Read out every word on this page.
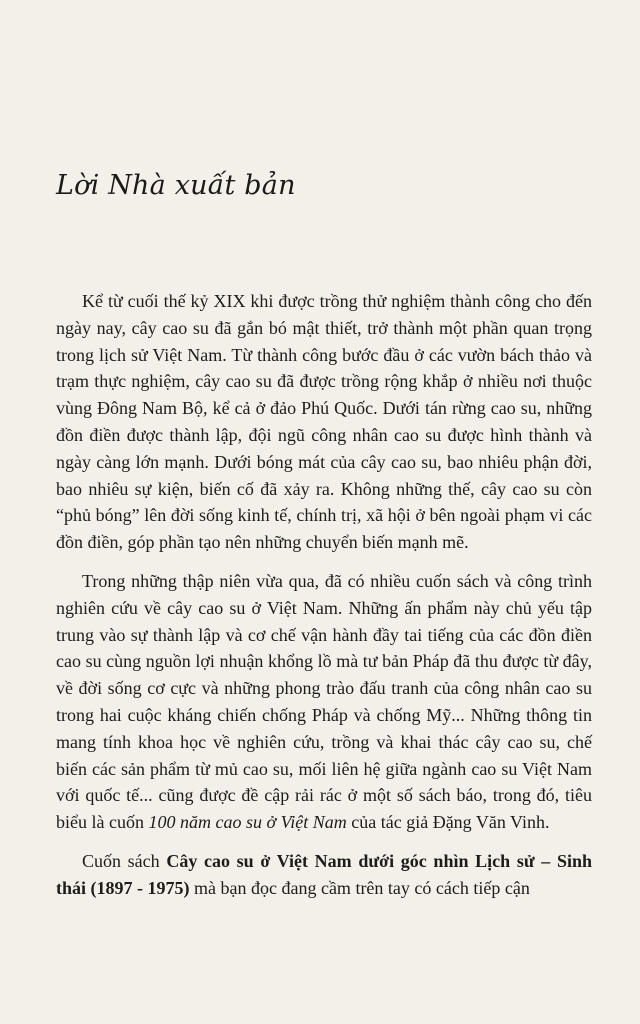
Lời Nhà xuất bản

Kể từ cuối thế kỷ XIX khi được trồng thử nghiệm thành công cho đến ngày nay, cây cao su đã gắn bó mật thiết, trở thành một phần quan trọng trong lịch sử Việt Nam. Từ thành công bước đầu ở các vườn bách thảo và trạm thực nghiệm, cây cao su đã được trồng rộng khắp ở nhiều nơi thuộc vùng Đông Nam Bộ, kể cả ở đảo Phú Quốc. Dưới tán rừng cao su, những đồn điền được thành lập, đội ngũ công nhân cao su được hình thành và ngày càng lớn mạnh. Dưới bóng mát của cây cao su, bao nhiêu phận đời, bao nhiêu sự kiện, biến cố đã xảy ra. Không những thế, cây cao su còn “phủ bóng” lên đời sống kinh tế, chính trị, xã hội ở bên ngoài phạm vi các đồn điền, góp phần tạo nên những chuyển biến mạnh mẽ.

Trong những thập niên vừa qua, đã có nhiều cuốn sách và công trình nghiên cứu về cây cao su ở Việt Nam. Những ấn phẩm này chủ yếu tập trung vào sự thành lập và cơ chế vận hành đầy tai tiếng của các đồn điền cao su cùng nguồn lợi nhuận khổng lồ mà tư bản Pháp đã thu được từ đây, về đời sống cơ cực và những phong trào đấu tranh của công nhân cao su trong hai cuộc kháng chiến chống Pháp và chống Mỹ... Những thông tin mang tính khoa học về nghiên cứu, trồng và khai thác cây cao su, chế biến các sản phẩm từ mủ cao su, mối liên hệ giữa ngành cao su Việt Nam với quốc tế... cũng được đề cập rải rác ở một số sách báo, trong đó, tiêu biểu là cuốn 100 năm cao su ở Việt Nam của tác giả Đặng Văn Vinh.

Cuốn sách Cây cao su ở Việt Nam dưới góc nhìn Lịch sử – Sinh thái (1897 - 1975) mà bạn đọc đang cầm trên tay có cách tiếp cận
